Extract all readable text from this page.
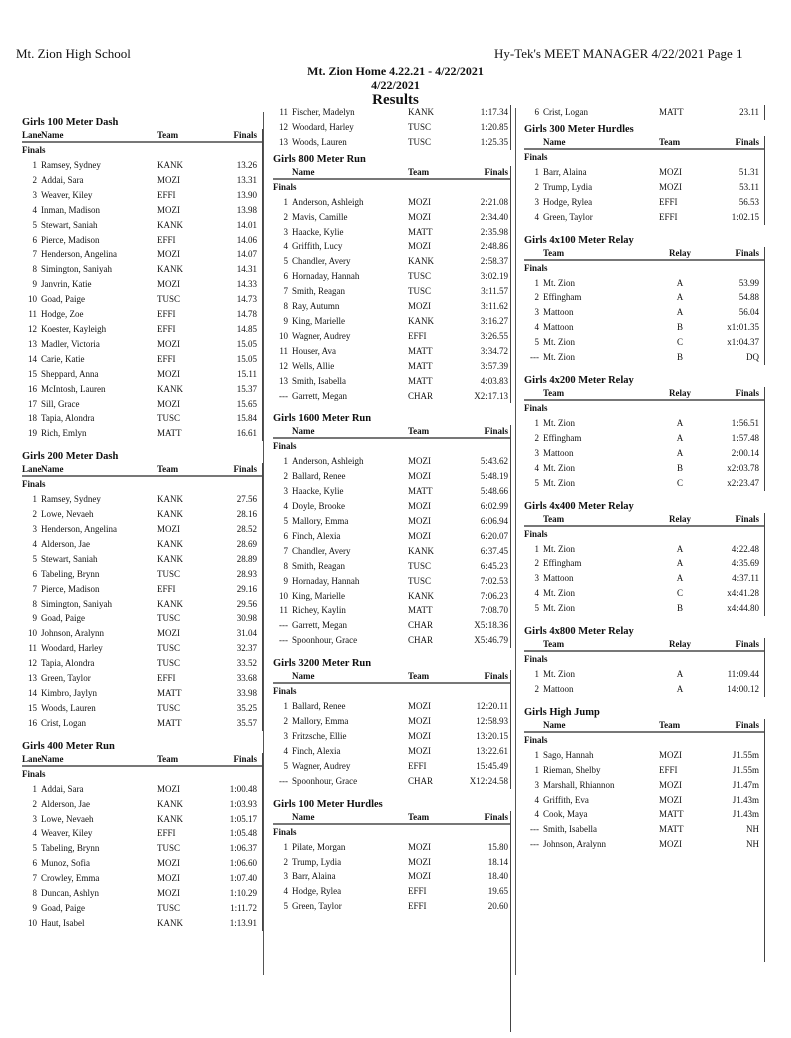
Mt. Zion High School	Hy-Tek's MEET MANAGER 4/22/2021 Page 1
Mt. Zion Home 4.22.21 - 4/22/2021
4/22/2021
Results
Girls 100 Meter Dash
Lane Name	Team	Finals
Finals
1 Ramsey, Sydney	KANK	13.26
2 Addai, Sara	MOZI	13.31
3 Weaver, Kiley	EFFI	13.90
4 Inman, Madison	MOZI	13.98
5 Stewart, Saniah	KANK	14.01
6 Pierce, Madison	EFFI	14.06
7 Henderson, Angelina	MOZI	14.07
8 Simington, Saniyah	KANK	14.31
9 Janvrin, Katie	MOZI	14.33
10 Goad, Paige	TUSC	14.73
11 Hodge, Zoe	EFFI	14.78
12 Koester, Kayleigh	EFFI	14.85
13 Madler, Victoria	MOZI	15.05
14 Carie, Katie	EFFI	15.05
15 Sheppard, Anna	MOZI	15.11
16 McIntosh, Lauren	KANK	15.37
17 Sill, Grace	MOZI	15.65
18 Tapia, Alondra	TUSC	15.84
19 Rich, Emlyn	MATT	16.61
Girls 200 Meter Dash
Lane Name	Team	Finals
Finals
1 Ramsey, Sydney	KANK	27.56
2 Lowe, Nevaeh	KANK	28.16
3 Henderson, Angelina	MOZI	28.52
4 Alderson, Jae	KANK	28.69
5 Stewart, Saniah	KANK	28.89
6 Tabeling, Brynn	TUSC	28.93
7 Pierce, Madison	EFFI	29.16
8 Simington, Saniyah	KANK	29.56
9 Goad, Paige	TUSC	30.98
10 Johnson, Aralynn	MOZI	31.04
11 Woodard, Harley	TUSC	32.37
12 Tapia, Alondra	TUSC	33.52
13 Green, Taylor	EFFI	33.68
14 Kimbro, Jaylyn	MATT	33.98
15 Woods, Lauren	TUSC	35.25
16 Crist, Logan	MATT	35.57
Girls 400 Meter Run
Lane Name	Team	Finals
Finals
1 Addai, Sara	MOZI	1:00.48
2 Alderson, Jae	KANK	1:03.93
3 Lowe, Nevaeh	KANK	1:05.17
4 Weaver, Kiley	EFFI	1:05.48
5 Tabeling, Brynn	TUSC	1:06.37
6 Munoz, Sofia	MOZI	1:06.60
7 Crowley, Emma	MOZI	1:07.40
8 Duncan, Ashlyn	MOZI	1:10.29
9 Goad, Paige	TUSC	1:11.72
10 Haut, Isabel	KANK	1:13.91
11 Fischer, Madelyn	KANK	1:17.34
12 Woodard, Harley	TUSC	1:20.85
13 Woods, Lauren	TUSC	1:25.35
Girls 800 Meter Run
Name	Team	Finals
Finals
1 Anderson, Ashleigh	MOZI	2:21.08
2 Mavis, Camille	MOZI	2:34.40
3 Haacke, Kylie	MATT	2:35.98
4 Griffith, Lucy	MOZI	2:48.86
5 Chandler, Avery	KANK	2:58.37
6 Hornaday, Hannah	TUSC	3:02.19
7 Smith, Reagan	TUSC	3:11.57
8 Ray, Autumn	MOZI	3:11.62
9 King, Marielle	KANK	3:16.27
10 Wagner, Audrey	EFFI	3:26.55
11 Houser, Ava	MATT	3:34.72
12 Wells, Allie	MATT	3:57.39
13 Smith, Isabella	MATT	4:03.83
--- Garrett, Megan	CHAR	X2:17.13
Girls 1600 Meter Run
Name	Team	Finals
Finals
1 Anderson, Ashleigh	MOZI	5:43.62
2 Ballard, Renee	MOZI	5:48.19
3 Haacke, Kylie	MATT	5:48.66
4 Doyle, Brooke	MOZI	6:02.99
5 Mallory, Emma	MOZI	6:06.94
6 Finch, Alexia	MOZI	6:20.07
7 Chandler, Avery	KANK	6:37.45
8 Smith, Reagan	TUSC	6:45.23
9 Hornaday, Hannah	TUSC	7:02.53
10 King, Marielle	KANK	7:06.23
11 Richey, Kaylin	MATT	7:08.70
--- Garrett, Megan	CHAR	X5:18.36
--- Spoonhour, Grace	CHAR	X5:46.79
Girls 3200 Meter Run
Name	Team	Finals
Finals
1 Ballard, Renee	MOZI	12:20.11
2 Mallory, Emma	MOZI	12:58.93
3 Fritzsche, Ellie	MOZI	13:20.15
4 Finch, Alexia	MOZI	13:22.61
5 Wagner, Audrey	EFFI	15:45.49
--- Spoonhour, Grace	CHAR	X12:24.58
Girls 100 Meter Hurdles
Name	Team	Finals
Finals
1 Pilate, Morgan	MOZI	15.80
2 Trump, Lydia	MOZI	18.14
3 Barr, Alaina	MOZI	18.40
4 Hodge, Rylea	EFFI	19.65
5 Green, Taylor	EFFI	20.60
6 Crist, Logan	MATT	23.11
Girls 300 Meter Hurdles
Name	Team	Finals
Finals
1 Barr, Alaina	MOZI	51.31
2 Trump, Lydia	MOZI	53.11
3 Hodge, Rylea	EFFI	56.53
4 Green, Taylor	EFFI	1:02.15
Girls 4x100 Meter Relay
Team	Relay	Finals
Finals
1 Mt. Zion	A	53.99
2 Effingham	A	54.88
3 Mattoon	A	56.04
4 Mattoon	B	x1:01.35
5 Mt. Zion	C	x1:04.37
--- Mt. Zion	B	DQ
Girls 4x200 Meter Relay
Team	Relay	Finals
Finals
1 Mt. Zion	A	1:56.51
2 Effingham	A	1:57.48
3 Mattoon	A	2:00.14
4 Mt. Zion	B	x2:03.78
5 Mt. Zion	C	x2:23.47
Girls 4x400 Meter Relay
Team	Relay	Finals
Finals
1 Mt. Zion	A	4:22.48
2 Effingham	A	4:35.69
3 Mattoon	A	4:37.11
4 Mt. Zion	C	x4:41.28
5 Mt. Zion	B	x4:44.80
Girls 4x800 Meter Relay
Team	Relay	Finals
Finals
1 Mt. Zion	A	11:09.44
2 Mattoon	A	14:00.12
Girls High Jump
Name	Team	Finals
Finals
1 Sago, Hannah	MOZI	J1.55m
1 Rieman, Shelby	EFFI	J1.55m
3 Marshall, Rhiannon	MOZI	J1.47m
4 Griffith, Eva	MOZI	J1.43m
4 Cook, Maya	MATT	J1.43m
--- Smith, Isabella	MATT	NH
--- Johnson, Aralynn	MOZI	NH
